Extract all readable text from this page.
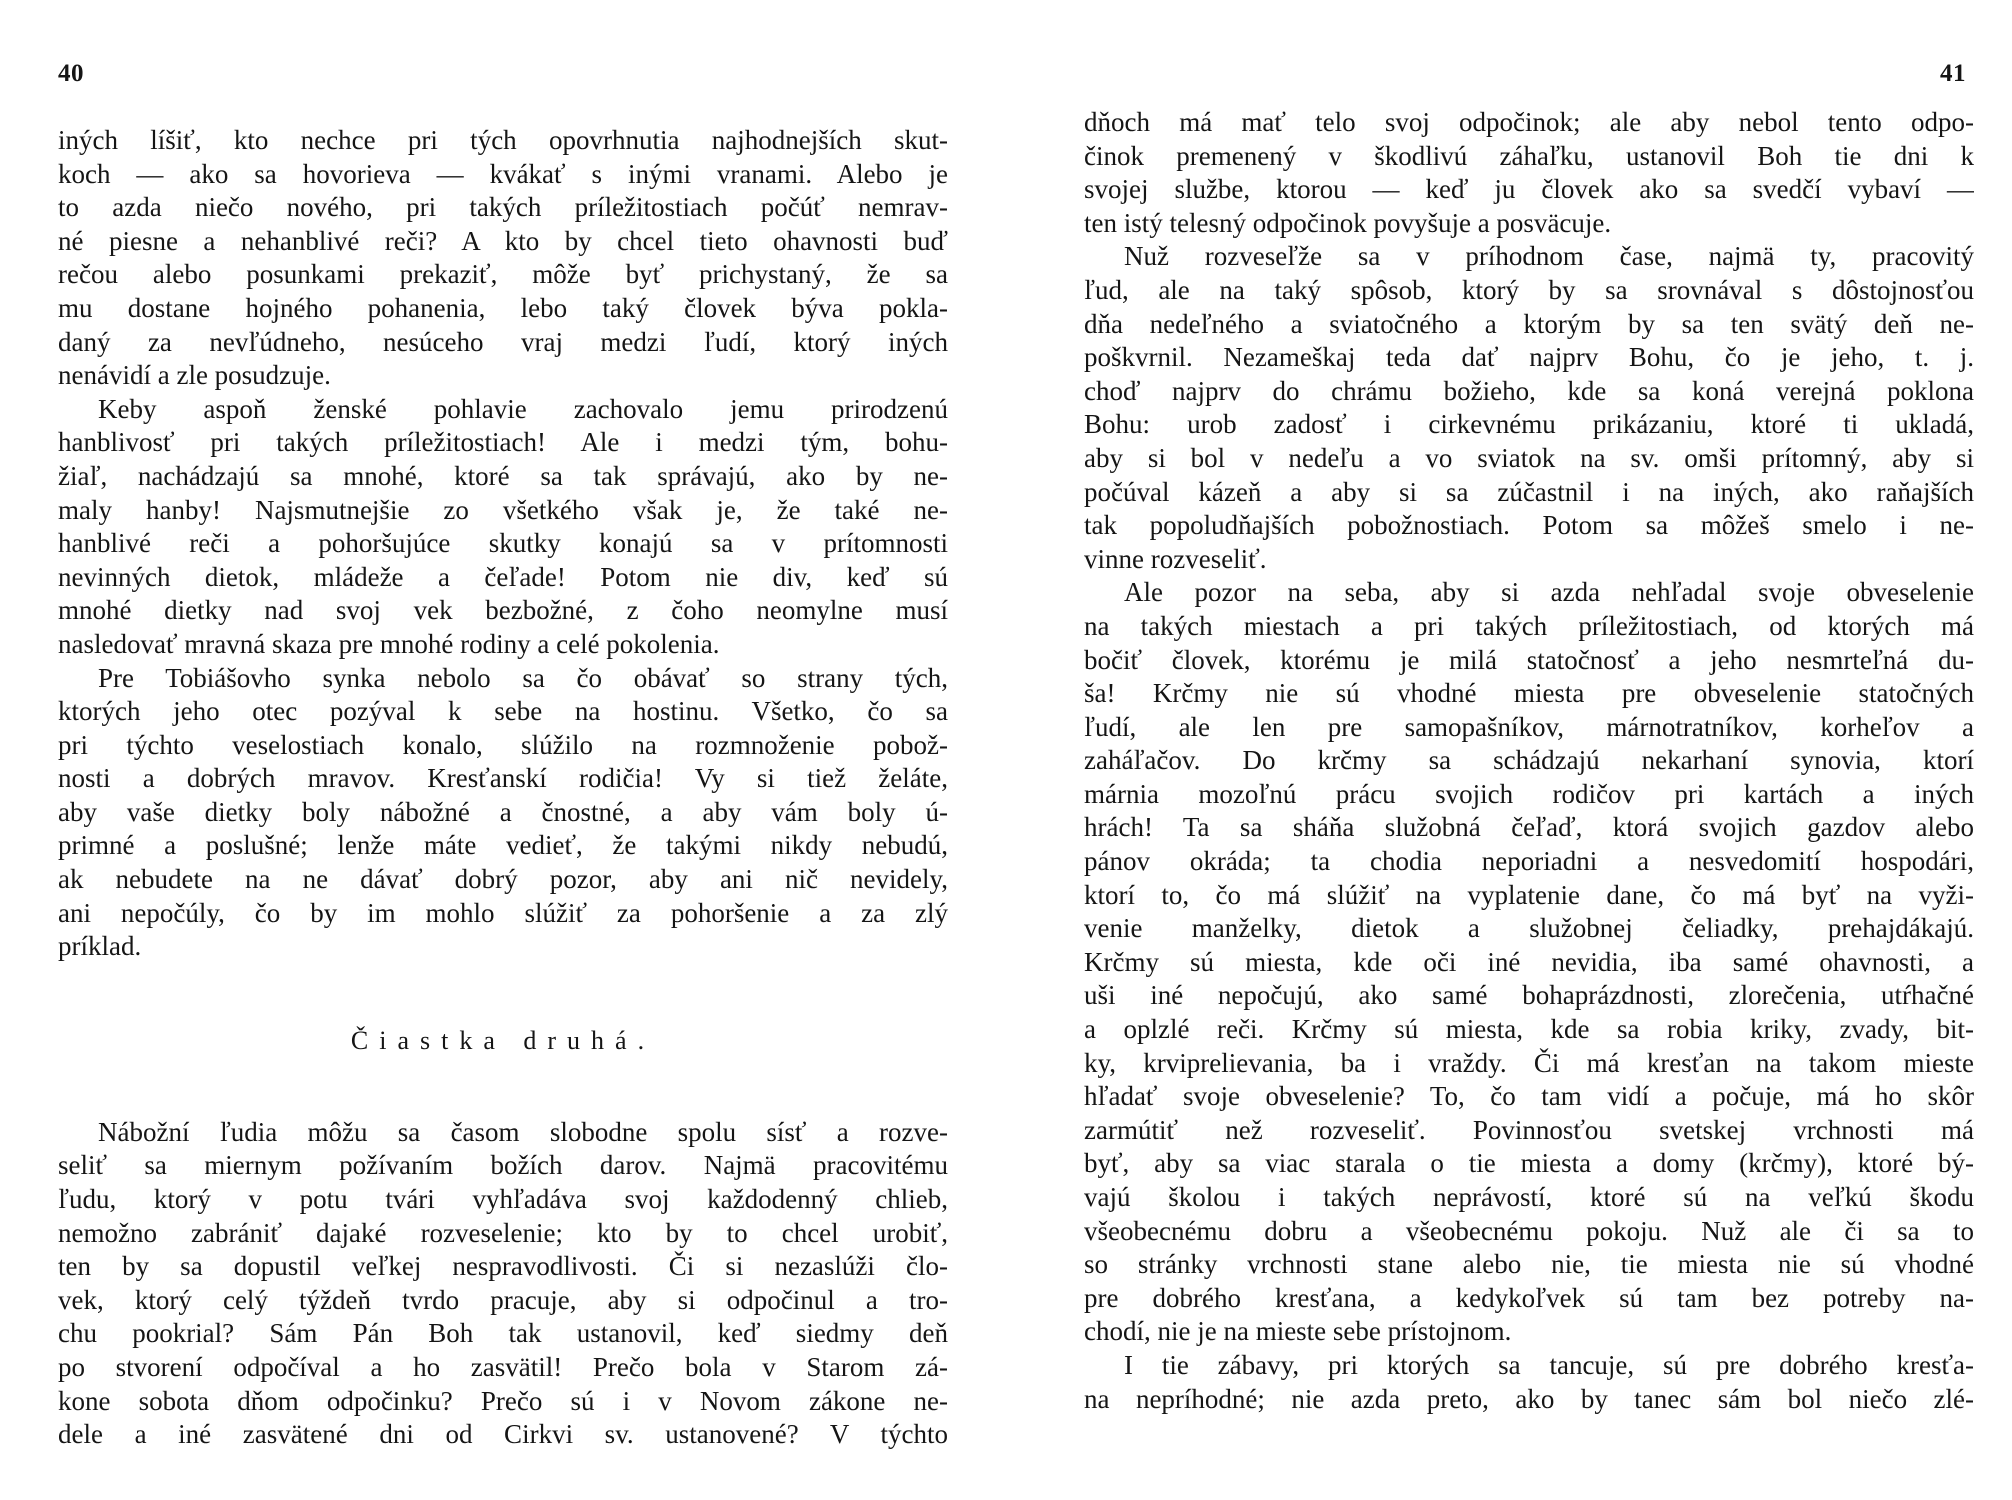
40
iných líšiť, kto nechce pri tých opovrhnutia najhodnejších skut-
koch — ako sa hovorieva — kvákať s inými vranami. Alebo je
to azda niečo nového, pri takých príležitostiach počúť nemrav-
né piesne a nehanblivé reči? A kto by chcel tieto ohavnosti buď
rečou alebo posunkami prekaziť, môže byť prichystaný, že sa
mu dostane hojného pohanenia, lebo taký človek býva pokla-
daný za nevľúdneho, nesúceho vraj medzi ľudí, ktorý iných
nenávidí a zle posudzuje.
Keby aspoň ženské pohlavie zachovalo jemu prirodzenú
hanblivosť pri takých príležitostiach! Ale i medzi tým, bohu-
žiaľ, nachádzajú sa mnohé, ktoré sa tak správajú, ako by ne-
maly hanby! Najsmutnejšie zo všetkého však je, že také ne-
hanblivé reči a pohoršujúce skutky konajú sa v prítomnosti
nevinných dietok, mládeže a čeľade! Potom nie div, keď sú
mnohé dietky nad svoj vek bezbožné, z čoho neomylne musí
nasledovať mravná skaza pre mnohé rodiny a celé pokolenia.
Pre Tobiášovho synka nebolo sa čo obávať so strany tých,
ktorých jeho otec pozýval k sebe na hostinu. Všetko, čo sa
pri týchto veselostiach konalo, slúžilo na rozmnoženie pobož-
nosti a dobrých mravov. Kresťanskí rodičia! Vy si tiež želáte,
aby vaše dietky boly nábožné a čnostné, a aby vám boly ú-
primné a poslušné; lenže máte vedieť, že takými nikdy nebudú,
ak nebudete na ne dávať dobrý pozor, aby ani nič nevidely,
ani nepočúly, čo by im mohlo slúžiť za pohoršenie a za zlý
príklad.
Čiastka druhá.
Nábožní ľudia môžu sa časom slobodne spolu sísť a rozve-
seliť sa miernym požívaním božích darov. Najmä pracovitému
ľudu, ktorý v potu tvári vyhľadáva svoj každodenný chlieb,
nemožno zabrániť dajaké rozveselenie; kto by to chcel urobiť,
ten by sa dopustil veľkej nespravodlivosti. Či si nezaslúži člo-
vek, ktorý celý týždeň tvrdo pracuje, aby si odpočinul a tro-
chu pookrial? Sám Pán Boh tak ustanovil, keď siedmy deň
po stvorení odpočíval a ho zasvätil! Prečo bola v Starom zá-
kone sobota dňom odpočinku? Prečo sú i v Novom zákone ne-
dele a iné zasvätené dni od Cirkvi sv. ustanovené? V týchto
41
dňoch má mať telo svoj odpočinok; ale aby nebol tento odpo-
činok premenený v škodlivú záhaľku, ustanovil Boh tie dni k
svojej službe, ktorou — keď ju človek ako sa svedčí vybaví —
ten istý telesný odpočinok povyšuje a posväcuje.
Nuž rozveseľže sa v príhodnom čase, najmä ty, pracovitý
ľud, ale na taký spôsob, ktorý by sa srovnával s dôstojnosťou
dňa nedeľného a sviatočného a ktorým by sa ten svätý deň ne-
poškvrnil. Nezameškaj teda dať najprv Bohu, čo je jeho, t. j.
choď najprv do chrámu božieho, kde sa koná verejná poklona
Bohu: urob zadosť i cirkevnému prikázaniu, ktoré ti ukladá,
aby si bol v nedeľu a vo sviatok na sv. omši prítomný, aby si
počúval kázeň a aby si sa zúčastnil i na iných, ako raňajších
tak popoludňajších pobožnostiach. Potom sa môžeš smelo i ne-
vinne rozveseliť.
Ale pozor na seba, aby si azda nehľadal svoje obveselenie
na takých miestach a pri takých príležitostiach, od ktorých má
bočiť človek, ktorému je milá statočnosť a jeho nesmrteľná du-
ša! Krčmy nie sú vhodné miesta pre obveselenie statočných
ľudí, ale len pre samopašníkov, márnotratníkov, korheľov a
zaháľačov. Do krčmy sa schádzajú nekarhaní synovia, ktorí
márnia mozoľnú prácu svojich rodičov pri kartách a iných
hrách! Ta sa sháňa služobná čeľaď, ktorá svojich gazdov alebo
pánov okráda; ta chodia neporiadni a nesvedomití hospodári,
ktorí to, čo má slúžiť na vyplatenie dane, čo má byť na vyži-
venie manželky, dietok a služobnej čeliadky, prehajdákajú.
Krčmy sú miesta, kde oči iné nevidia, iba samé ohavnosti, a
uši iné nepočujú, ako samé bohaprázdnosti, zlorečenia, utŕhačné
a oplzlé reči. Krčmy sú miesta, kde sa robia kriky, zvady, bit-
ky, krviprelievania, ba i vraždy. Či má kresťan na takom mieste
hľadať svoje obveselenie? To, čo tam vidí a počuje, má ho skôr
zarmútiť než rozveseliť. Povinnosťou svetskej vrchnosti má
byť, aby sa viac starala o tie miesta a domy (krčmy), ktoré bý-
vajú školou i takých neprávostí, ktoré sú na veľkú škodu
všeobecnému dobru a všeobecnému pokoju. Nuž ale či sa to
so stránky vrchnosti stane alebo nie, tie miesta nie sú vhodné
pre dobrého kresťana, a kedykoľvek sú tam bez potreby na-
chodí, nie je na mieste sebe prístojnom.
I tie zábavy, pri ktorých sa tancuje, sú pre dobrého kresťa-
na nepríhodné; nie azda preto, ako by tanec sám bol niečo zlé-
